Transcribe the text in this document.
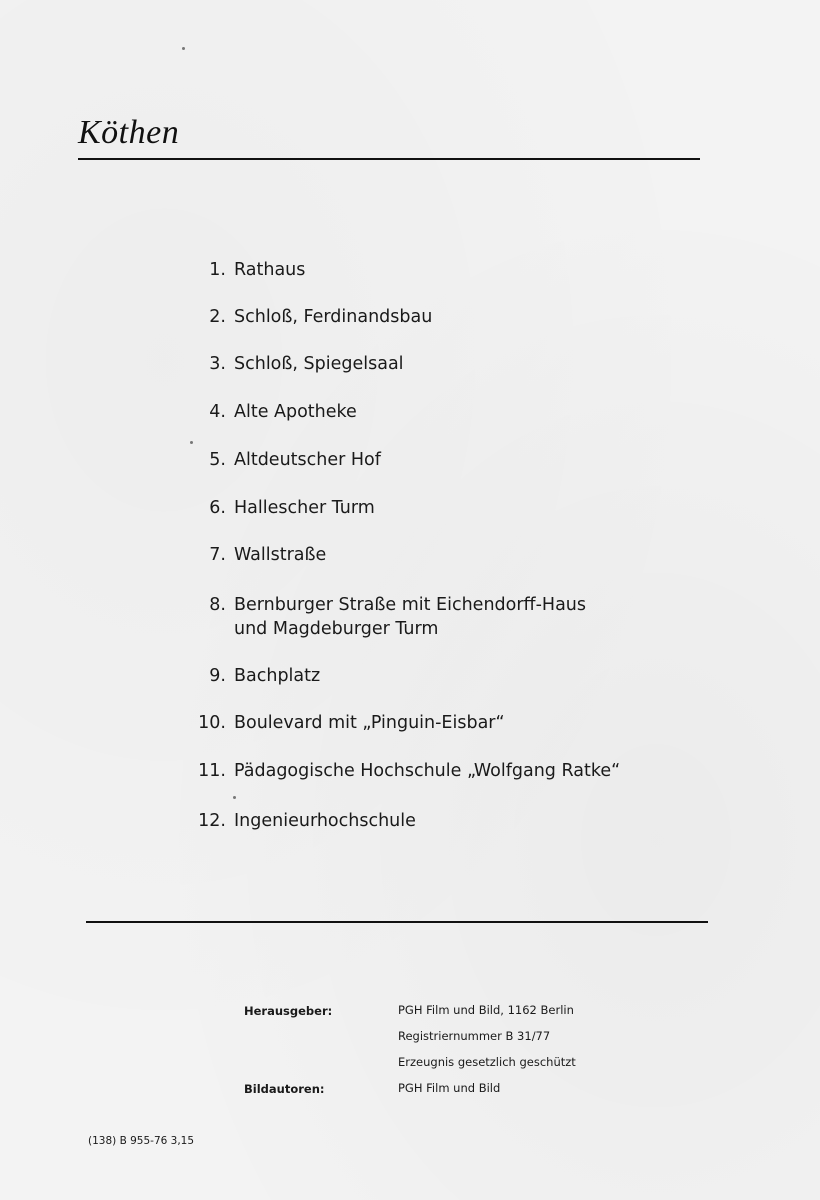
Köthen
1. Rathaus
2. Schloß, Ferdinandsbau
3. Schloß, Spiegelsaal
4. Alte Apotheke
5. Altdeutscher Hof
6. Hallescher Turm
7. Wallstraße
8. Bernburger Straße mit Eichendorff-Haus
und Magdeburger Turm
9. Bachplatz
10. Boulevard mit „Pinguin-Eisbar“
11. Pädagogische Hochschule „Wolfgang Ratke“
12. Ingenieurhochschule
Herausgeber:	PGH Film und Bild, 1162 Berlin
Registriernummer B 31/77
Erzeugnis gesetzlich geschützt
Bildautoren:	PGH Film und Bild
(138) B 955-76 3,15
